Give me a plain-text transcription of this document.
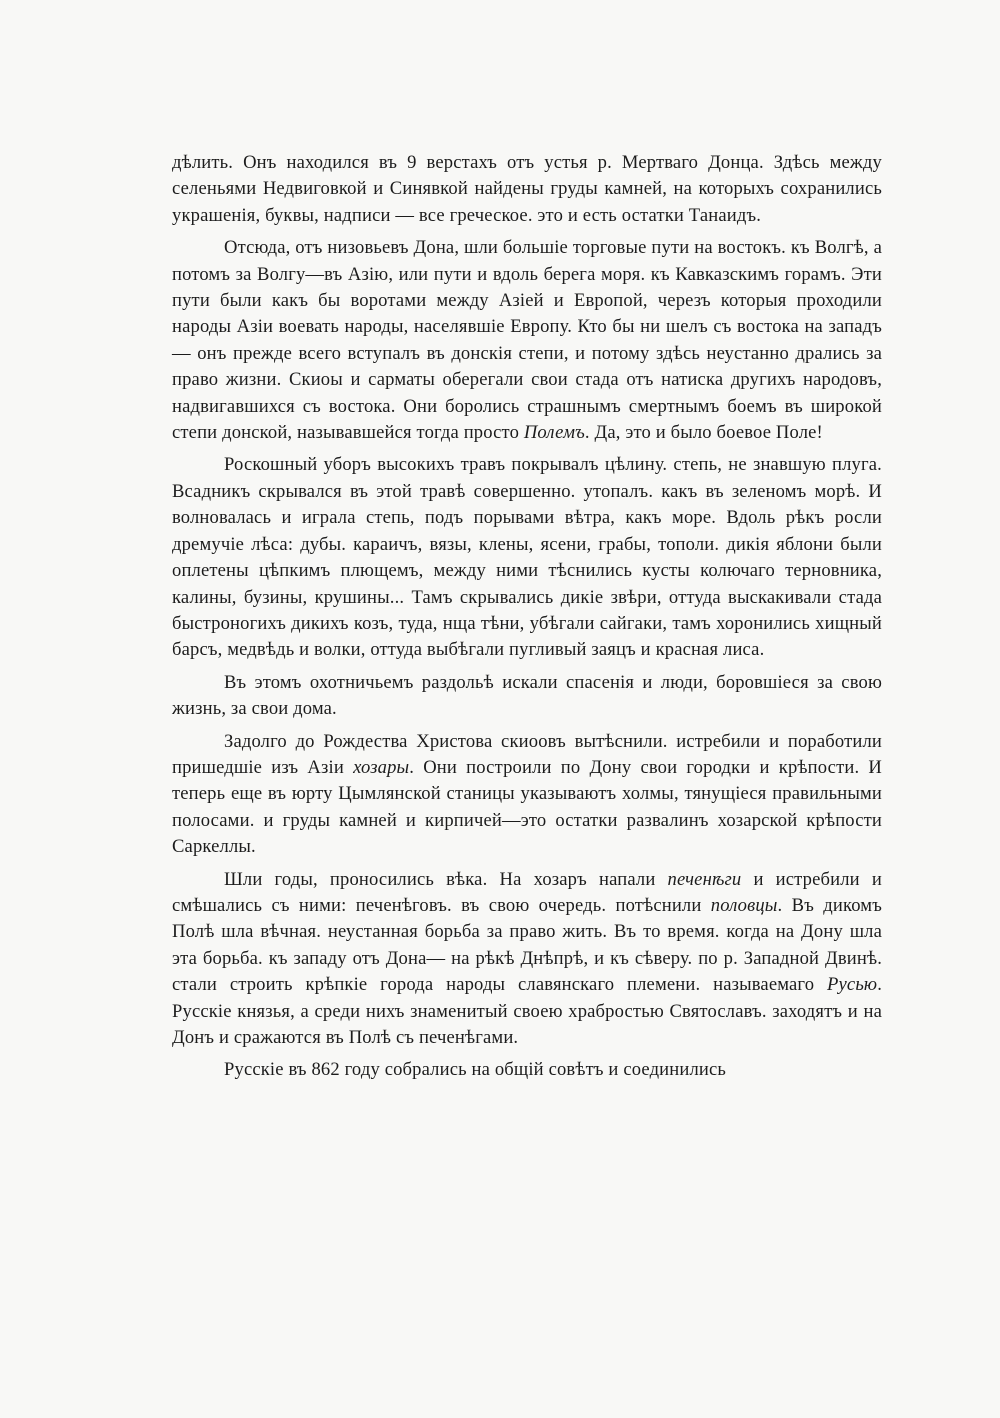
дѣлить. Онъ находился въ 9 верстахъ отъ устья р. Мертваго Донца. Здѣсь между селеньями Недвиговкой и Синявкой найдены груды камней, на которыхъ сохранились украшенія, буквы, надписи — все греческое. это и есть остатки Танаидъ.

Отсюда, отъ низовьевъ Дона, шли большіе торговые пути на востокъ. къ Волгѣ, а потомъ за Волгу—въ Азію, или пути и вдоль берега моря. къ Кавказскимъ горамъ. Эти пути были какъ бы воротами между Азіей и Европой, черезъ которыя проходили народы Азіи воевать народы, населявшіе Европу. Кто бы ни шелъ съ востока на западъ — онъ прежде всего вступалъ въ донскія степи, и потому здѣсь неустанно дрались за право жизни. Скиоы и сарматы оберегали свои стада отъ натиска другихъ народовъ, надвигавшихся съ востока. Они боролись страшнымъ смертнымъ боемъ въ широкой степи донской, называвшейся тогда просто Полемъ. Да, это и было боевое Поле!

Роскошный уборъ высокихъ травъ покрывалъ цѣлину. степь, не знавшую плуга. Всадникъ скрывался въ этой травѣ совершенно. утопалъ. какъ въ зеленомъ морѣ. И волновалась и играла степь, подъ порывами вѣтра, какъ море. Вдоль рѣкъ росли дремучіе лѣса: дубы. караичъ, вязы, клены, ясени, грабы, тополи. дикія яблони были оплетены цѣпкимъ плющемъ, между ними тѣснились кусты колючаго терновника, калины, бузины, крушины... Тамъ скрывались дикіе звѣри, оттуда выскакивали стада быстроногихъ дикихъ козъ, туда, нща тѣни, убѣгали сайгаки, тамъ хоронились хищный барсъ, медвѣдь и волки, оттуда выбѣгали пугливый заяцъ и красная лиса.

Въ этомъ охотничьемъ раздольѣ искали спасенія и люди, боровшіеся за свою жизнь, за свои дома.

Задолго до Рождества Христова скиоовъ вытѣснили. истребили и поработили пришедшіе изъ Азіи хозары. Они построили по Дону свои городки и крѣпости. И теперь еще въ юрту Цымлянской станицы указываютъ холмы, тянущіеся правильными полосами. и груды камней и кирпичей—это остатки развалинъ хозарской крѣпости Саркеллы.

Шли годы, проносились вѣка. На хозаръ напали печенѣги и истребили и смѣшались съ ними: печенѣговъ. въ свою очередь. потѣснили половцы. Въ дикомъ Полѣ шла вѣчная. неустанная борьба за право жить. Въ то время. когда на Дону шла эта борьба. къ западу отъ Дона— на рѣкѣ Днѣпрѣ, и къ сѣверу. по р. Западной Двинѣ. стали строить крѣпкіе города народы славянскаго племени. называемаго Русью. Русскіе князья, а среди нихъ знаменитый своею храбростью Святославъ. заходятъ и на Донъ и сражаются въ Полѣ съ печенѣгами.

Русскіе въ 862 году собрались на общій совѣтъ и соединились
